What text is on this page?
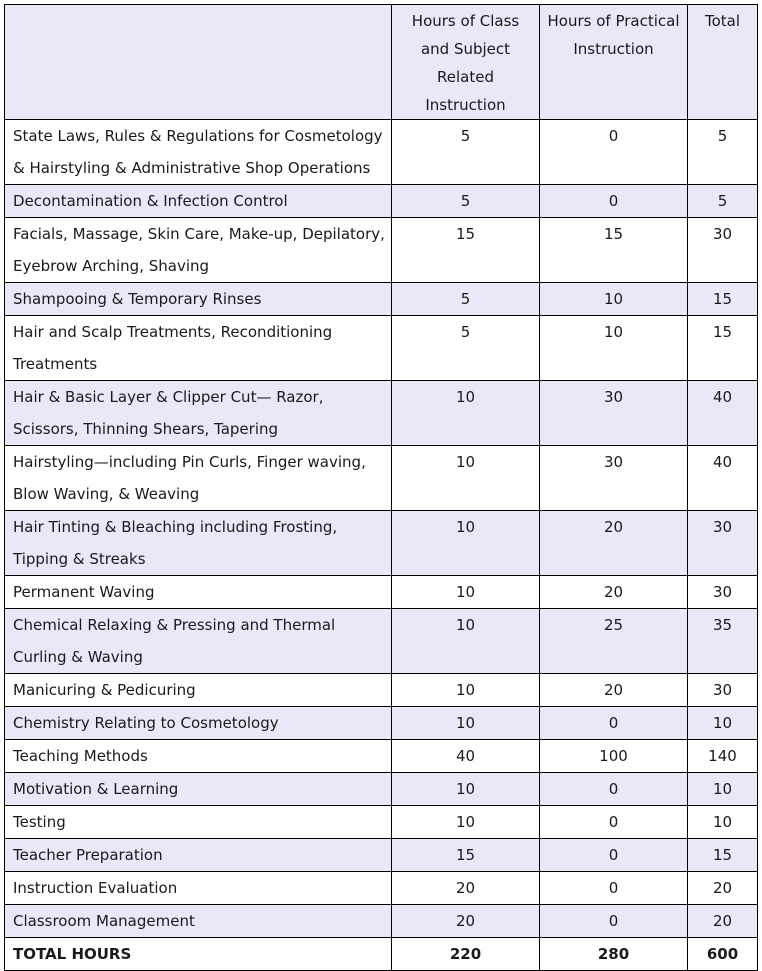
	Hours of Class and Subject Related Instruction	Hours of Practical Instruction	Total
State Laws, Rules & Regulations for Cosmetology & Hairstyling & Administrative Shop Operations	5	0	5
Decontamination & Infection Control	5	0	5
Facials, Massage, Skin Care, Make-up, Depilatory, Eyebrow Arching, Shaving	15	15	30
Shampooing & Temporary Rinses	5	10	15
Hair and Scalp Treatments, Reconditioning Treatments	5	10	15
Hair & Basic Layer & Clipper Cut— Razor, Scissors, Thinning Shears, Tapering	10	30	40
Hairstyling—including Pin Curls, Finger waving, Blow Waving, & Weaving	10	30	40
Hair Tinting & Bleaching including Frosting, Tipping & Streaks	10	20	30
Permanent Waving	10	20	30
Chemical Relaxing & Pressing and Thermal Curling & Waving	10	25	35
Manicuring & Pedicuring	10	20	30
Chemistry Relating to Cosmetology	10	0	10
Teaching Methods	40	100	140
Motivation & Learning	10	0	10
Testing	10	0	10
Teacher Preparation	15	0	15
Instruction Evaluation	20	0	20
Classroom Management	20	0	20
TOTAL HOURS	220	280	600
